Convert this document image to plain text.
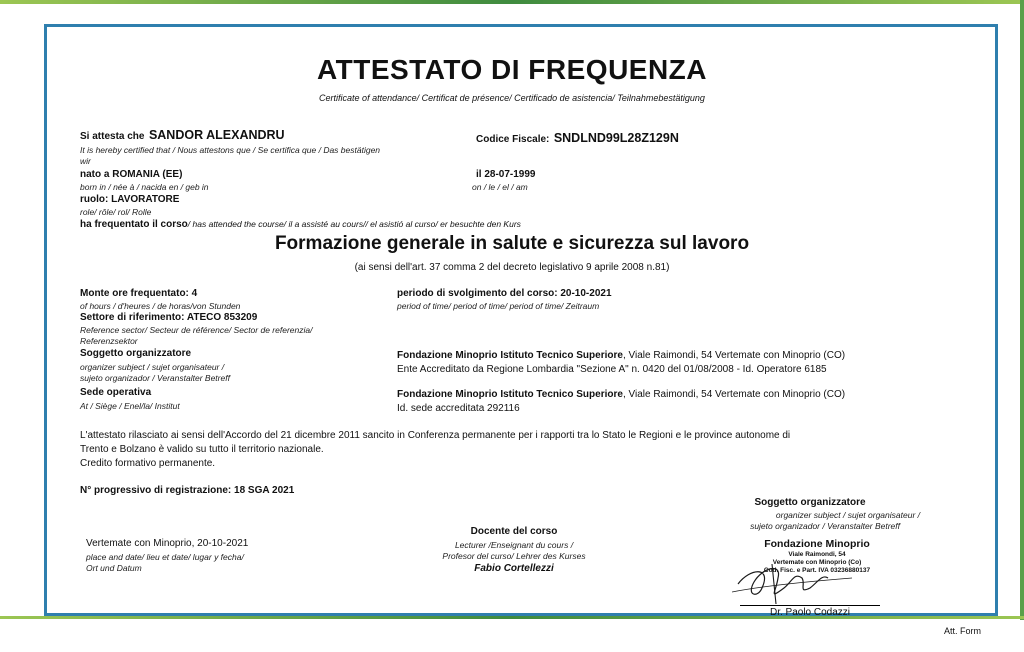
ATTESTATO DI FREQUENZA
Certificate of attendance/ Certificat de présence/ Certificado de asistencia/ Teilnahmebestätigung
Si attesta che SANDOR ALEXANDRU
It is hereby certified that / Nous attestons que / Se certifica que / Das bestätigen
wir
Codice Fiscale: SNDLND99L28Z129N
nato a ROMANIA (EE)
born in / née à / nacida en / geb in
il 28-07-1999
on / le / el / am
ruolo: LAVORATORE
role/ rôle/ rol/ Rolle
ha frequentato il corso/ has attended the course/ il a assisté au cours// el asistió al curso/ er besuchte den Kurs
Formazione generale in salute e sicurezza sul lavoro
(ai sensi dell'art. 37 comma 2 del decreto legislativo 9 aprile 2008 n.81)
Monte ore frequentato: 4
of hours / d'heures / de horas/von Stunden
periodo di svolgimento del corso: 20-10-2021
period of time/ period of time/ period of time/ Zeitraum
Settore di riferimento: ATECO 853209
Reference sector/ Secteur de référence/ Sector de referenzia/
Referenzsektor
Soggetto organizzatore
organizer subject / sujet organisateur /
sujeto organizador / Veranstalter Betreff
Fondazione Minoprio Istituto Tecnico Superiore, Viale Raimondi, 54 Vertemate con Minoprio (CO)
Ente Accreditato da Regione Lombardia "Sezione A" n. 0420 del 01/08/2008 - Id. Operatore 6185
Sede operativa
At / Siège / Enel/la/ Institut
Fondazione Minoprio Istituto Tecnico Superiore, Viale Raimondi, 54 Vertemate con Minoprio (CO)
Id. sede accreditata 292116
L'attestato rilasciato ai sensi dell'Accordo del 21 dicembre 2011 sancito in Conferenza permanente per i rapporti tra lo Stato le Regioni e le province autonome di
Trento e Bolzano è valido su tutto il territorio nazionale.
Credito formativo permanente.
N° progressivo di registrazione: 18 SGA 2021
Vertemate con Minoprio, 20-10-2021
place and date/ lieu et date/ lugar y fecha/
Ort und Datum
Docente del corso
Lecturer /Enseignant du cours /
Profesor del curso/ Lehrer des Kurses
Fabio Cortellezzi
Soggetto organizzatore
organizer subject / sujet organisateur /
sujeto organizador / Veranstalter Betreff
Fondazione Minoprio
Viale Raimondi, 54
Vertemate con Minoprio (Co)
Cod. Fisc. e Part. IVA 03236880137
Dr. Paolo Codazzi
Att. Form
